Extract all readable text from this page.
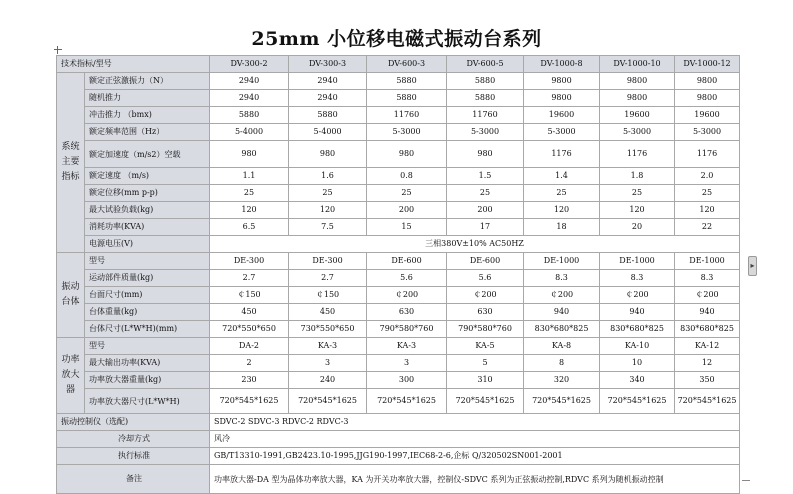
25mm 小位移电磁式振动台系列
▸
技术指标/型号		DV-300-2	DV-300-3	DV-600-3	DV-600-5	DV-1000-8	DV-1000-10	DV-1000-12
系统主要指标	额定正弦激振力（N）	2940	2940	5880	5880	9800	9800	9800
	随机推力	2940	2940	5880	5880	9800	9800	9800
	冲击推力 （bmx)	5880	5880	11760	11760	19600	19600	19600
	额定频率范围（Hz）	5-4000	5-4000	5-3000	5-3000	5-3000	5-3000	5-3000
	额定加速度（m/s2）空载	980	980	980	980	1176	1176	1176
	额定速度 （m/s)	1.1	1.6	0.8	1.5	1.4	1.8	2.0
	额定位移(mm p-p)	25	25	25	25	25	25	25
	最大试验负载(kg)	120	120	200	200	120	120	120
	消耗功率(KVA)	6.5	7.5	15	17	18	20	22
	电源电压(V)	三相380V±10% AC50HZ						
振动台体	型号	DE-300	DE-300	DE-600	DE-600	DE-1000	DE-1000	DE-1000
	运动部件质量(kg)	2.7	2.7	5.6	5.6	8.3	8.3	8.3
	台面尺寸(mm)	￠150	￠150	￠200	￠200	￠200	￠200	￠200
	台体重量(kg)	450	450	630	630	940	940	940
	台体尺寸(L*W*H)(mm)	720*550*650	730*550*650	790*580*760	790*580*760	830*680*825	830*680*825	830*680*825
功率放大器	型号	DA-2	KA-3	KA-3	KA-5	KA-8	KA-10	KA-12
	最大输出功率(KVA)	2	3	3	5	8	10	12
	功率放大器重量(kg)	230	240	300	310	320	340	350
	功率放大器尺寸(L*W*H)	720*545*1625	720*545*1625	720*545*1625	720*545*1625	720*545*1625	720*545*1625	720*545*1625
振动控制仪（选配)		SDVC-2 SDVC-3 RDVC-2 RDVC-3						
冷却方式		风冷						
执行标准		GB/T13310-1991,GB2423.10-1995,JJG190-1997,IEC68-2-6,企标 Q/320502SN001-2001						
备注		功率放大器-DA 型为晶体功率放大器，KA 为开关功率放大器，控制仪-SDVC 系列为正弦振动控制,RDVC 系列为随机振动控制						
